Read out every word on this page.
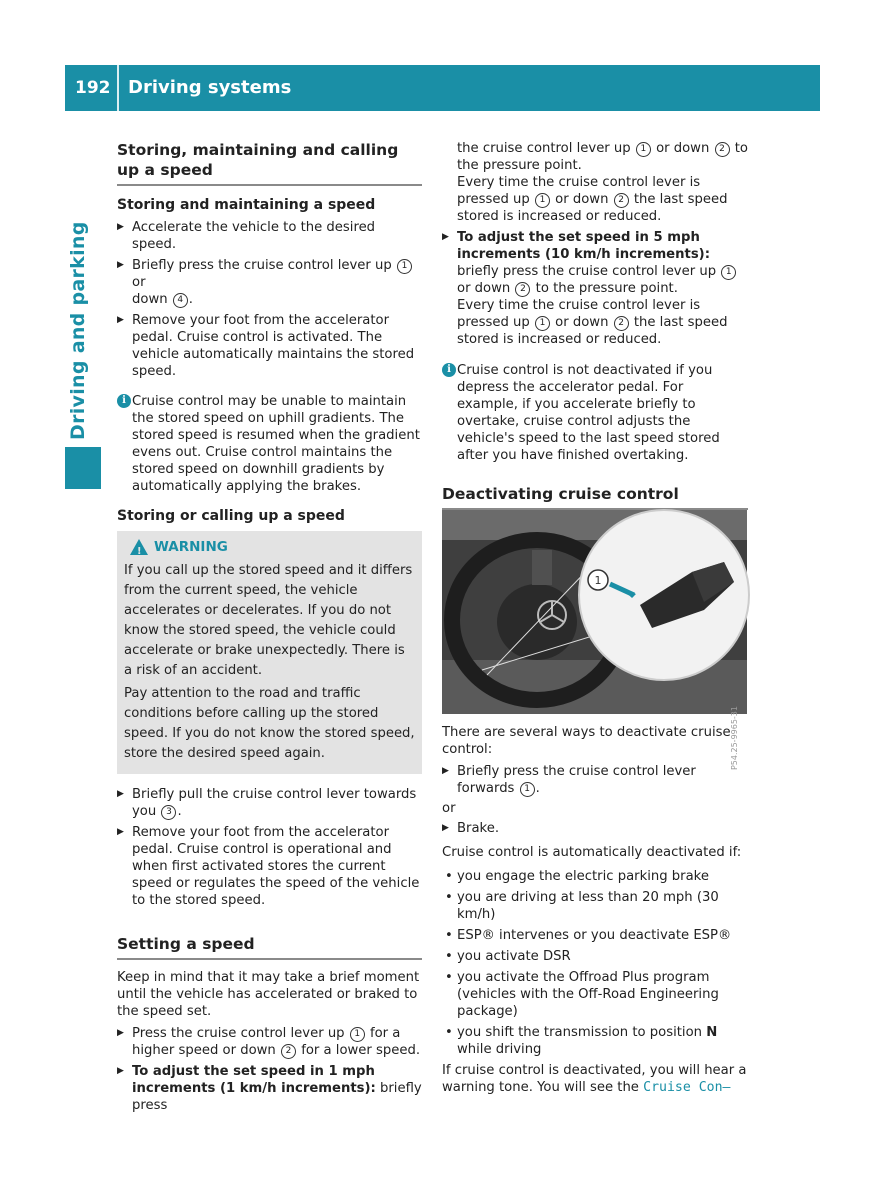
192 Driving systems
Driving and parking
Storing, maintaining and calling up a speed
Storing and maintaining a speed

▶ Accelerate the vehicle to the desired speed.

▶ Briefly press the cruise control lever up 1 or
down 4 .

▶ Remove your foot from the accelerator pedal. Cruise control is activated. The vehicle automatically maintains the stored speed.

i Cruise control may be unable to maintain the stored speed on uphill gradients. The stored speed is resumed when the gradient evens out. Cruise control maintains the stored speed on downhill gradients by automatically applying the brakes.
Storing or calling up a speed
!
WARNING

If you call up the stored speed and it differs from the current speed, the vehicle accelerates or decelerates. If you do not know the stored speed, the vehicle could accelerate or brake unexpectedly. There is a risk of an accident.

Pay attention to the road and traffic conditions before calling up the stored speed. If you do not know the stored speed, store the desired speed again.

▶ Briefly pull the cruise control lever towards you 3 .

▶ Remove your foot from the accelerator pedal. Cruise control is operational and when first activated stores the current speed or regulates the speed of the vehicle to the stored speed.

Setting a speed

Keep in mind that it may take a brief moment until the vehicle has accelerated or braked to the speed set.

▶ Press the cruise control lever up 1 for a higher speed or down 2 for a lower speed.

▶ To adjust the set speed in 1 mph increments (1 km/h increments): briefly press

the cruise control lever up 1 or down 2 to the pressure point.

Every time the cruise control lever is pressed up 1 or down 2 the last speed stored is increased or reduced.

▶ To adjust the set speed in 5 mph increments (10 km/h increments): briefly press the cruise control lever up 1 or down 2 to the pressure point.

Every time the cruise control lever is pressed up 1 or down 2 the last speed stored is increased or reduced.

i Cruise control is not deactivated if you depress the accelerator pedal. For example, if you accelerate briefly to overtake, cruise control adjusts the vehicle's speed to the last speed stored after you have finished overtaking.
Deactivating cruise control
1
P54.25-9965-31

There are several ways to deactivate cruise control:

▶ Briefly press the cruise control lever forwards 1 .

or

▶ Brake.

Cruise control is automatically deactivated if:

• you engage the electric parking brake

• you are driving at less than 20 mph (30 km/h)

• ESP® intervenes or you deactivate ESP®

• you activate DSR

• you activate the Offroad Plus program (vehicles with the Off-Road Engineering package)

• you shift the transmission to position N while driving

If cruise control is deactivated, you will hear a warning tone. You will see the Cruise Con–
